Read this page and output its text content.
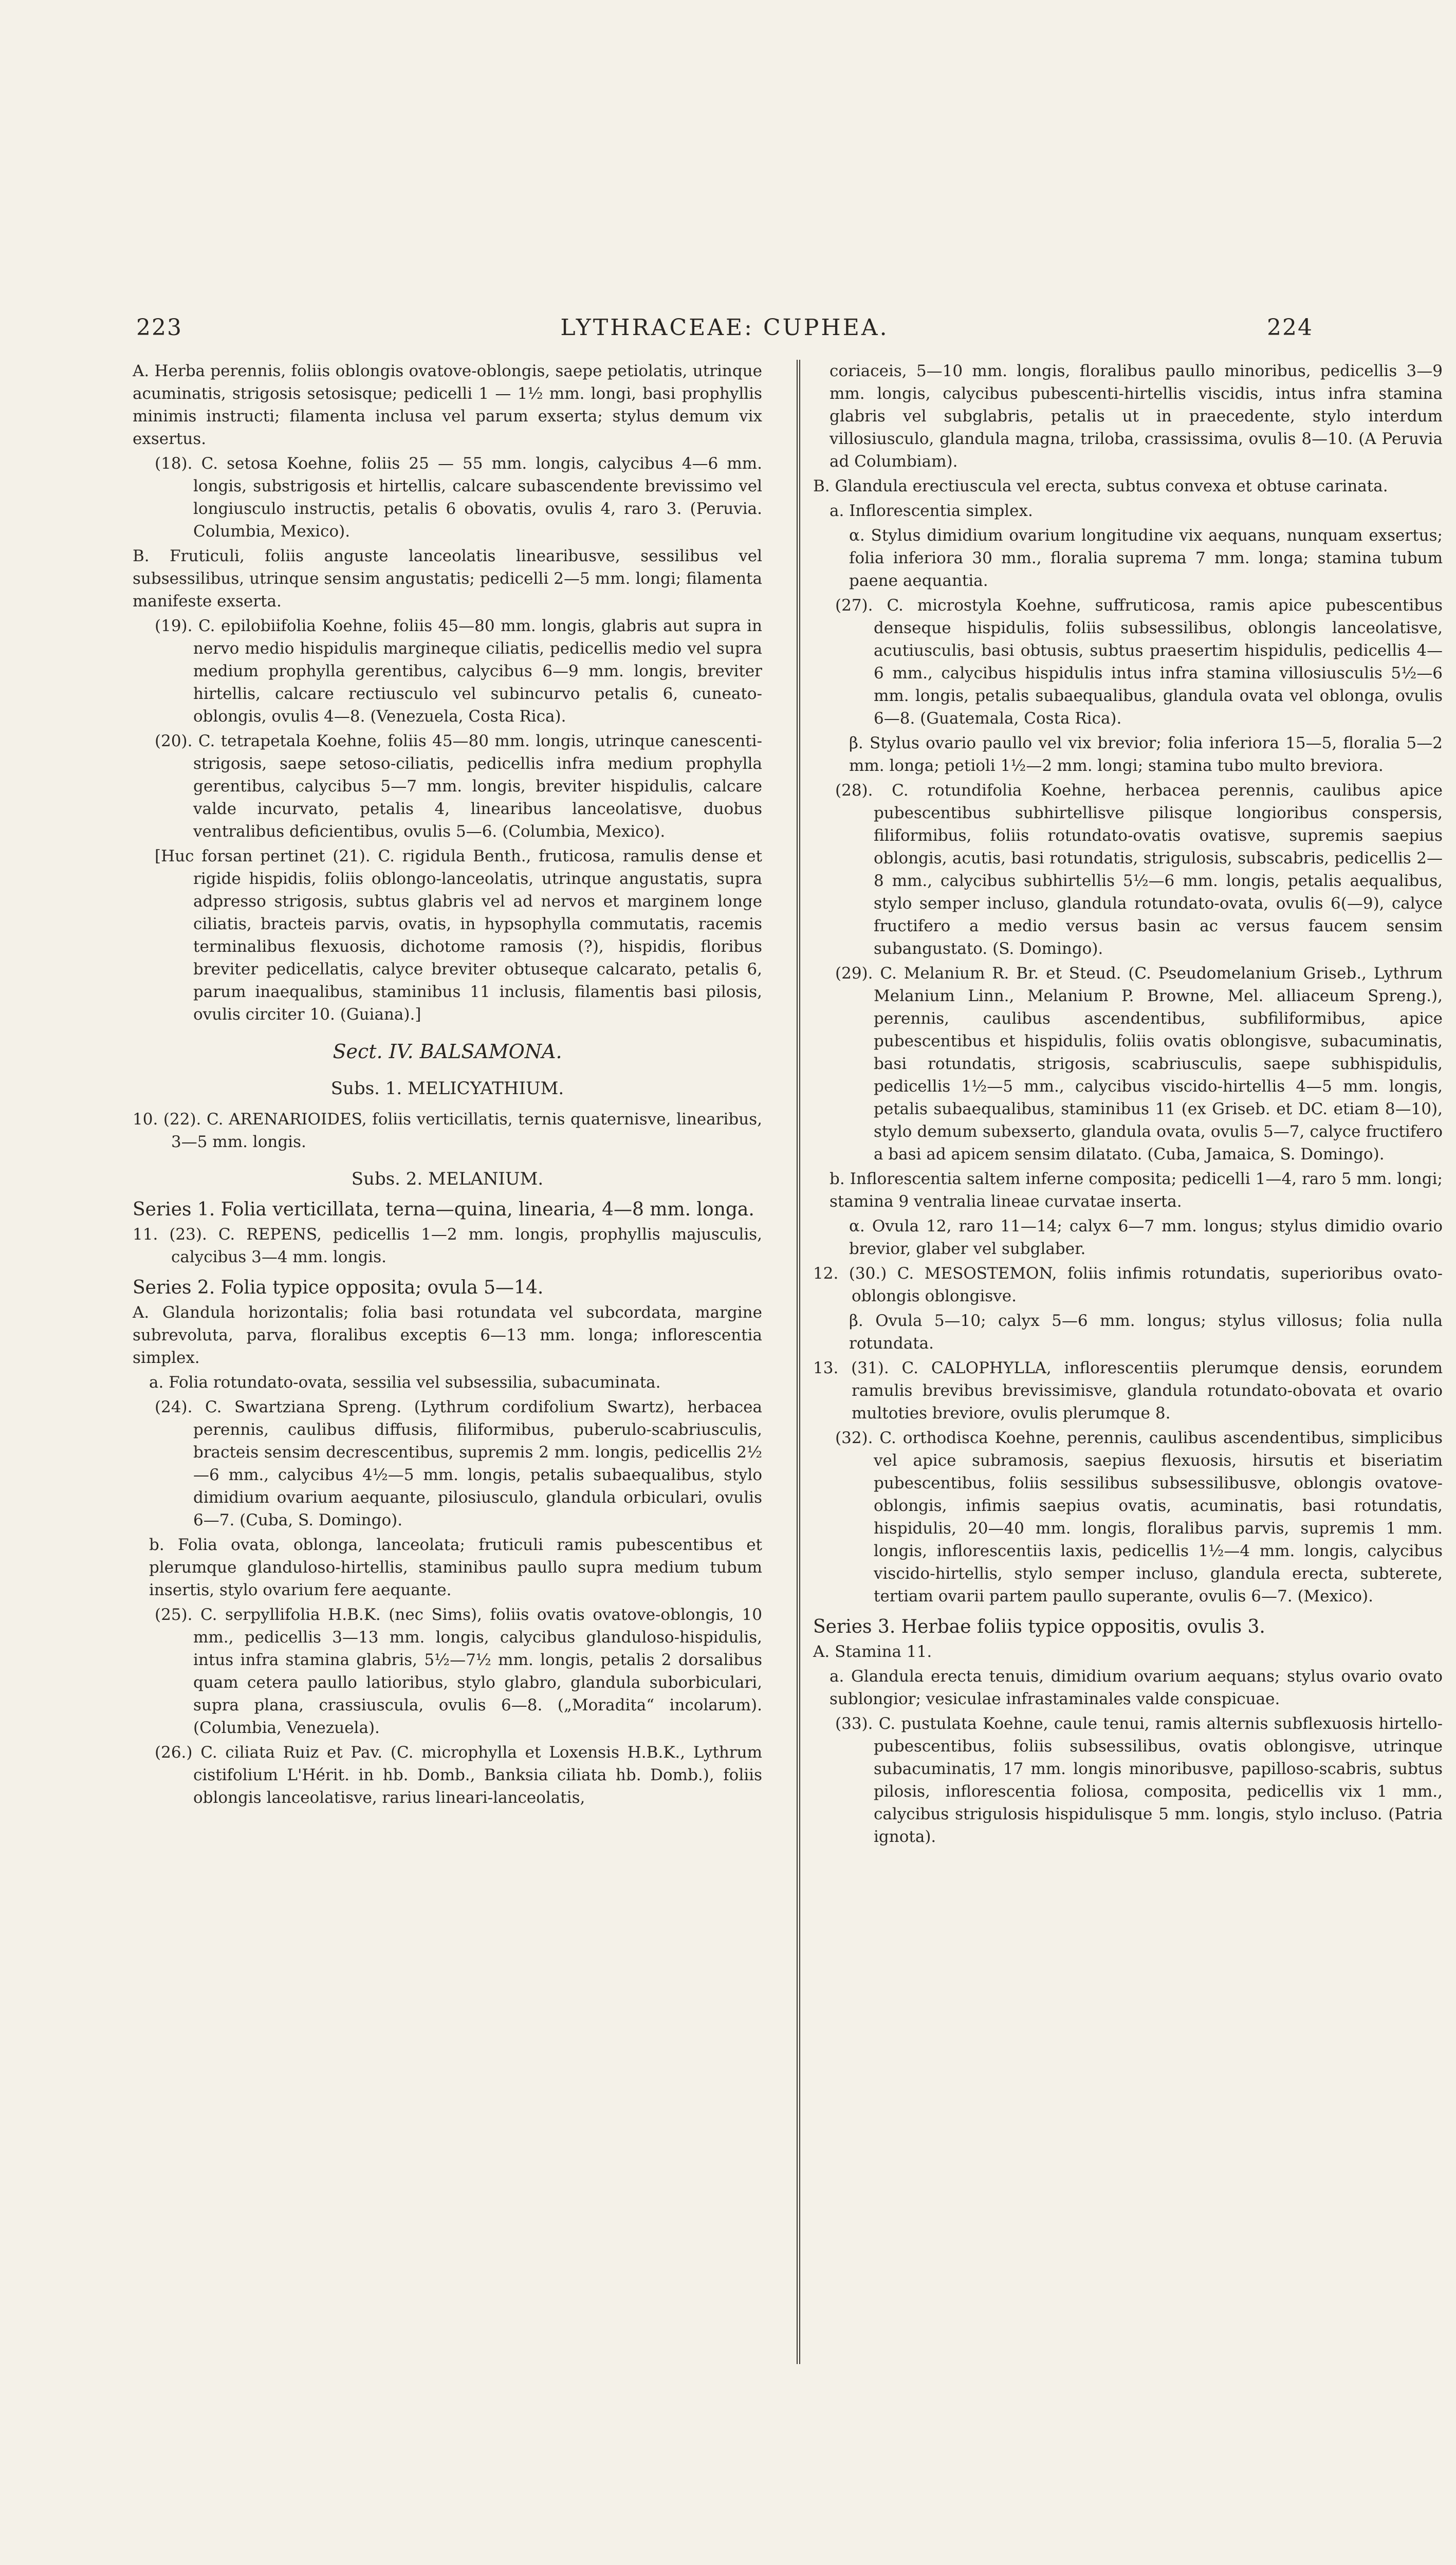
223	LYTHRACEAE: CUPHEA.	224

A. Herba perennis, foliis oblongis ovatove-oblongis, saepe petiolatis, utrinque acuminatis, strigosis setosisque; pedicelli 1 — 1½ mm. longi, basi prophyllis minimis instructi; filamenta inclusa vel parum exserta; stylus demum vix exsertus.

(18). C. setosa Koehne, foliis 25 — 55 mm. longis, calycibus 4—6 mm. longis, substrigosis et hirtellis, calcare subascendente brevissimo vel longiusculo instructis, petalis 6 obovatis, ovulis 4, raro 3. (Peruvia. Columbia, Mexico).

B. Fruticuli, foliis anguste lanceolatis linearibusve, sessilibus vel subsessilibus, utrinque sensim angustatis; pedicelli 2—5 mm. longi; filamenta manifeste exserta.

(19). C. epilobiifolia Koehne, foliis 45—80 mm. longis, glabris aut supra in nervo medio hispidulis margineque ciliatis, pedicellis medio vel supra medium prophylla gerentibus, calycibus 6—9 mm. longis, breviter hirtellis, calcare rectiusculo vel subincurvo petalis 6, cuneato-oblongis, ovulis 4—8. (Venezuela, Costa Rica).

(20). C. tetrapetala Koehne, foliis 45—80 mm. longis, utrinque canescenti-strigosis, saepe setoso-ciliatis, pedicellis infra medium prophylla gerentibus, calycibus 5—7 mm. longis, breviter hispidulis, calcare valde incurvato, petalis 4, linearibus lanceolatisve, duobus ventralibus deficientibus, ovulis 5—6. (Columbia, Mexico).

[Huc forsan pertinet (21). C. rigidula Benth., fruticosa, ramulis dense et rigide hispidis, foliis oblongo-lanceolatis, utrinque angustatis, supra adpresso strigosis, subtus glabris vel ad nervos et marginem longe ciliatis, bracteis parvis, ovatis, in hypsophylla commutatis, racemis terminalibus flexuosis, dichotome ramosis (?), hispidis, floribus breviter pedicellatis, calyce breviter obtuseque calcarato, petalis 6, parum inaequalibus, staminibus 11 inclusis, filamentis basi pilosis, ovulis circiter 10. (Guiana).]

Sect. IV. BALSAMONA.

Subs. 1. MELICYATHIUM.

10. (22). C. ARENARIOIDES, foliis verticillatis, ternis quaternisve, linearibus, 3—5 mm. longis.

Subs. 2. MELANIUM.

Series 1. Folia verticillata, terna—quina, linearia, 4—8 mm. longa.

11. (23). C. REPENS, pedicellis 1—2 mm. longis, prophyllis majusculis, calycibus 3—4 mm. longis.

Series 2. Folia typice opposita; ovula 5—14.

A. Glandula horizontalis; folia basi rotundata vel subcordata, margine subrevoluta, parva, floralibus exceptis 6—13 mm. longa; inflorescentia simplex.

a. Folia rotundato-ovata, sessilia vel subsessilia, subacuminata.

(24). C. Swartziana Spreng. (Lythrum cordifolium Swartz), herbacea perennis, caulibus diffusis, filiformibus, puberulo-scabriusculis, bracteis sensim decrescentibus, supremis 2 mm. longis, pedicellis 2½—6 mm., calycibus 4½—5 mm. longis, petalis subaequalibus, stylo dimidium ovarium aequante, pilosiusculo, glandula orbiculari, ovulis 6—7. (Cuba, S. Domingo).

b. Folia ovata, oblonga, lanceolata; fruticuli ramis pubescentibus et plerumque glanduloso-hirtellis, staminibus paullo supra medium tubum insertis, stylo ovarium fere aequante.

(25). C. serpyllifolia H.B.K. (nec Sims), foliis ovatis ovatove-oblongis, 10 mm., pedicellis 3—13 mm. longis, calycibus glanduloso-hispidulis, intus infra stamina glabris, 5½—7½ mm. longis, petalis 2 dorsalibus quam cetera paullo latioribus, stylo glabro, glandula suborbiculari, supra plana, crassiuscula, ovulis 6—8. („Moradita“ incolarum). (Columbia, Venezuela).

(26.) C. ciliata Ruiz et Pav. (C. microphylla et Loxensis H.B.K., Lythrum cistifolium L'Hérit. in hb. Domb., Banksia ciliata hb. Domb.), foliis oblongis lanceolatisve, rarius lineari-lanceolatis,

coriaceis, 5—10 mm. longis, floralibus paullo minoribus, pedicellis 3—9 mm. longis, calycibus pubescenti-hirtellis viscidis, intus infra stamina glabris vel subglabris, petalis ut in praecedente, stylo interdum villosiusculo, glandula magna, triloba, crassissima, ovulis 8—10. (A Peruvia ad Columbiam).

B. Glandula erectiuscula vel erecta, subtus convexa et obtuse carinata.

a. Inflorescentia simplex.

α. Stylus dimidium ovarium longitudine vix aequans, nunquam exsertus; folia inferiora 30 mm., floralia suprema 7 mm. longa; stamina tubum paene aequantia.

(27). C. microstyla Koehne, suffruticosa, ramis apice pubescentibus denseque hispidulis, foliis subsessilibus, oblongis lanceolatisve, acutiusculis, basi obtusis, subtus praesertim hispidulis, pedicellis 4—6 mm., calycibus hispidulis intus infra stamina villosiusculis 5½—6 mm. longis, petalis subaequalibus, glandula ovata vel oblonga, ovulis 6—8. (Guatemala, Costa Rica).

β. Stylus ovario paullo vel vix brevior; folia inferiora 15—5, floralia 5—2 mm. longa; petioli 1½—2 mm. longi; stamina tubo multo breviora.

(28). C. rotundifolia Koehne, herbacea perennis, caulibus apice pubescentibus subhirtellisve pilisque longioribus conspersis, filiformibus, foliis rotundato-ovatis ovatisve, supremis saepius oblongis, acutis, basi rotundatis, strigulosis, subscabris, pedicellis 2—8 mm., calycibus subhirtellis 5½—6 mm. longis, petalis aequalibus, stylo semper incluso, glandula rotundato-ovata, ovulis 6(—9), calyce fructifero a medio versus basin ac versus faucem sensim subangustato. (S. Domingo).

(29). C. Melanium R. Br. et Steud. (C. Pseudomelanium Griseb., Lythrum Melanium Linn., Melanium P. Browne, Mel. alliaceum Spreng.), perennis, caulibus ascendentibus, subfiliformibus, apice pubescentibus et hispidulis, foliis ovatis oblongisve, subacuminatis, basi rotundatis, strigosis, scabriusculis, saepe subhispidulis, pedicellis 1½—5 mm., calycibus viscido-hirtellis 4—5 mm. longis, petalis subaequalibus, staminibus 11 (ex Griseb. et DC. etiam 8—10), stylo demum subexserto, glandula ovata, ovulis 5—7, calyce fructifero a basi ad apicem sensim dilatato. (Cuba, Jamaica, S. Domingo).

b. Inflorescentia saltem inferne composita; pedicelli 1—4, raro 5 mm. longi; stamina 9 ventralia lineae curvatae inserta.

α. Ovula 12, raro 11—14; calyx 6—7 mm. longus; stylus dimidio ovario brevior, glaber vel subglaber.

12. (30.) C. MESOSTEMON, foliis infimis rotundatis, superioribus ovato-oblongis oblongisve.

β. Ovula 5—10; calyx 5—6 mm. longus; stylus villosus; folia nulla rotundata.

13. (31). C. CALOPHYLLA, inflorescentiis plerumque densis, eorundem ramulis brevibus brevissimisve, glandula rotundato-obovata et ovario multoties breviore, ovulis plerumque 8.

(32). C. orthodisca Koehne, perennis, caulibus ascendentibus, simplicibus vel apice subramosis, saepius flexuosis, hirsutis et biseriatim pubescentibus, foliis sessilibus subsessilibusve, oblongis ovatove-oblongis, infimis saepius ovatis, acuminatis, basi rotundatis, hispidulis, 20—40 mm. longis, floralibus parvis, supremis 1 mm. longis, inflorescentiis laxis, pedicellis 1½—4 mm. longis, calycibus viscido-hirtellis, stylo semper incluso, glandula erecta, subterete, tertiam ovarii partem paullo superante, ovulis 6—7. (Mexico).

Series 3. Herbae foliis typice oppositis, ovulis 3.

A. Stamina 11.

a. Glandula erecta tenuis, dimidium ovarium aequans; stylus ovario ovato sublongior; vesiculae infrastaminales valde conspicuae.

(33). C. pustulata Koehne, caule tenui, ramis alternis subflexuosis hirtello-pubescentibus, foliis subsessilibus, ovatis oblongisve, utrinque subacuminatis, 17 mm. longis minoribusve, papilloso-scabris, subtus pilosis, inflorescentia foliosa, composita, pedicellis vix 1 mm., calycibus strigulosis hispidulisque 5 mm. longis, stylo incluso. (Patria ignota).
